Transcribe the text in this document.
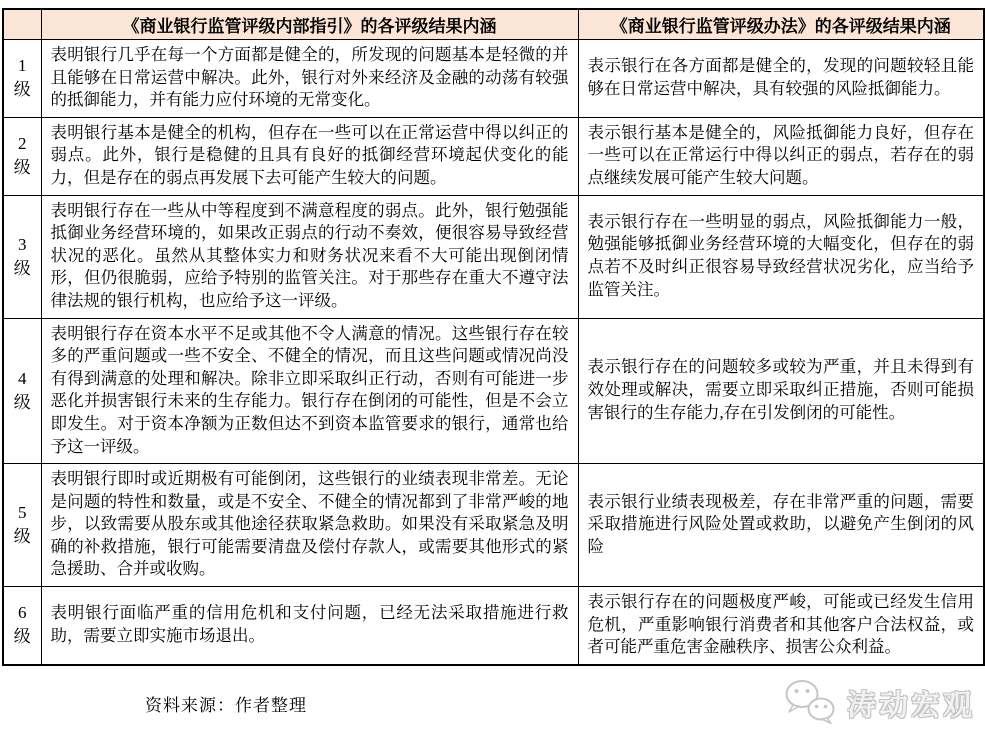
	《商业银行监管评级内部指引》的各评级结果内涵	《商业银行监管评级办法》的各评级结果内涵
1级	表明银行几乎在每一个方面都是健全的，所发现的问题基本是轻微的并且能够在日常运营中解决。此外，银行对外来经济及金融的动荡有较强的抵御能力，并有能力应付环境的无常变化。	表示银行在各方面都是健全的，发现的问题较轻且能够在日常运营中解决，具有较强的风险抵御能力。
2级	表明银行基本是健全的机构，但存在一些可以在正常运营中得以纠正的弱点。此外，银行是稳健的且具有良好的抵御经营环境起伏变化的能力，但是存在的弱点再发展下去可能产生较大的问题。	表示银行基本是健全的，风险抵御能力良好，但存在一些可以在正常运行中得以纠正的弱点，若存在的弱点继续发展可能产生较大问题。
3级	表明银行存在一些从中等程度到不满意程度的弱点。此外，银行勉强能抵御业务经营环境的，如果改正弱点的行动不奏效，便很容易导致经营状况的恶化。虽然从其整体实力和财务状况来看不大可能出现倒闭情形，但仍很脆弱，应给予特别的监管关注。对于那些存在重大不遵守法律法规的银行机构，也应给予这一评级。	表示银行存在一些明显的弱点，风险抵御能力一般，勉强能够抵御业务经营环境的大幅变化，但存在的弱点若不及时纠正很容易导致经营状况劣化，应当给予监管关注。
4级	表明银行存在资本水平不足或其他不令人满意的情况。这些银行存在较多的严重问题或一些不安全、不健全的情况，而且这些问题或情况尚没有得到满意的处理和解决。除非立即采取纠正行动，否则有可能进一步恶化并损害银行未来的生存能力。银行存在倒闭的可能性，但是不会立即发生。对于资本净额为正数但达不到资本监管要求的银行，通常也给予这一评级。	表示银行存在的问题较多或较为严重，并且未得到有效处理或解决，需要立即采取纠正措施，否则可能损害银行的生存能力,存在引发倒闭的可能性。
5级	表明银行即时或近期极有可能倒闭，这些银行的业绩表现非常差。无论是问题的特性和数量，或是不安全、不健全的情况都到了非常严峻的地步，以致需要从股东或其他途径获取紧急救助。如果没有采取紧急及明确的补救措施，银行可能需要清盘及偿付存款人，或需要其他形式的紧急援助、合并或收购。	表示银行业绩表现极差，存在非常严重的问题，需要采取措施进行风险处置或救助，以避免产生倒闭的风险
6级	表明银行面临严重的信用危机和支付问题，已经无法采取措施进行救助，需要立即实施市场退出。	表示银行存在的问题极度严峻，可能或已经发生信用危机，严重影响银行消费者和其他客户合法权益，或者可能严重危害金融秩序、损害公众利益。
资料来源：作者整理	涛动宏观
